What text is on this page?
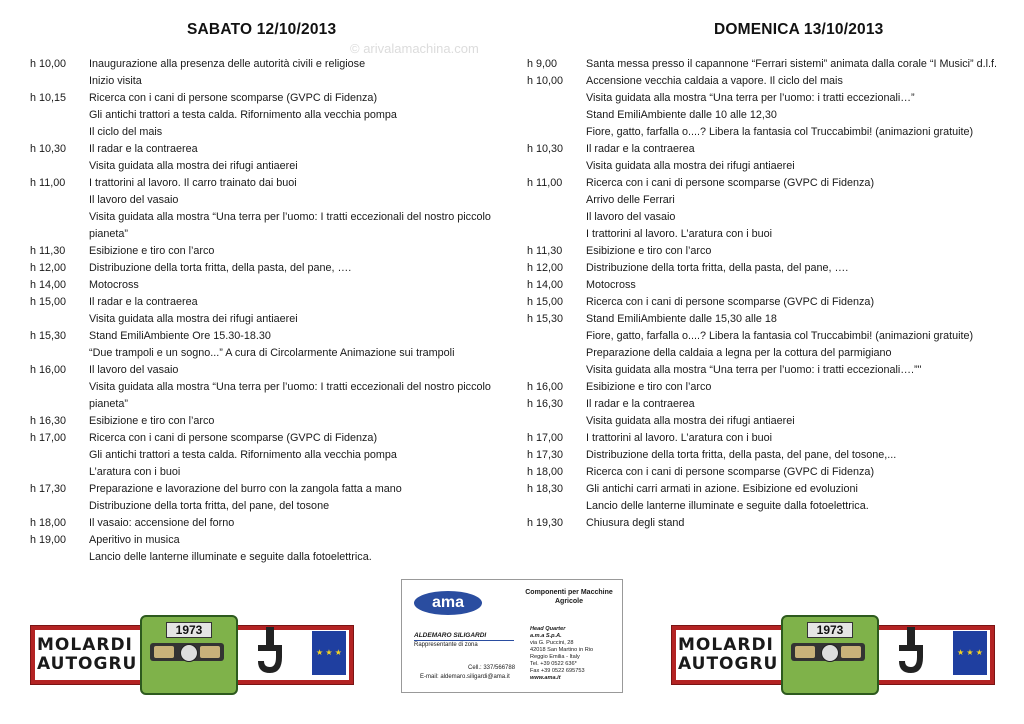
© arivalamachina.com
SABATO 12/10/2013
h 10,00	Inaugurazione alla presenza delle autorità civili e religiose
Inizio visita
h 10,15	Ricerca con i cani di persone scomparse (GVPC di Fidenza)
Gli antichi trattori a testa calda. Rifornimento alla vecchia pompa
Il ciclo del mais
h 10,30	Il radar e la contraerea
Visita guidata alla mostra dei rifugi antiaerei
h 11,00	I trattorini al lavoro. Il carro trainato dai buoi
Il lavoro del vasaio
Visita guidata alla mostra “Una terra per l’uomo: I tratti eccezionali del nostro piccolo pianeta”
h 11,30	Esibizione e tiro con l’arco
h 12,00	Distribuzione della torta fritta, della pasta, del pane, ….
h 14,00	Motocross
h 15,00	Il radar e la contraerea
Visita guidata alla mostra dei rifugi antiaerei
h 15,30	Stand EmiliAmbiente Ore 15.30-18.30
“Due trampoli e un sogno...” A cura di Circolarmente Animazione sui trampoli
h 16,00	Il lavoro del vasaio
Visita guidata alla mostra “Una terra per l’uomo: I tratti eccezionali del nostro piccolo pianeta”
h 16,30	Esibizione e tiro con l’arco
h 17,00	Ricerca con i cani di persone scomparse (GVPC di Fidenza)
Gli antichi trattori a testa calda. Rifornimento alla vecchia pompa
L’aratura con i buoi
h 17,30	Preparazione e lavorazione del burro con la zangola fatta a mano
Distribuzione della torta fritta, del pane, del tosone
h 18,00	Il vasaio: accensione del forno
h 19,00	Aperitivo in musica
Lancio delle lanterne illuminate e seguite dalla fotoelettrica.
DOMENICA 13/10/2013
h 9,00	Santa messa presso il capannone “Ferrari sistemi” animata dalla corale “I Musici” d.l.f.
h 10,00	Accensione vecchia caldaia a vapore. Il ciclo del mais
Visita guidata alla mostra “Una terra per l’uomo: i tratti eccezionali…”
Stand EmiliAmbiente dalle 10 alle 12,30
Fiore, gatto, farfalla o....? Libera la fantasia col Truccabimbi! (animazioni gratuite)
h 10,30	Il radar e la contraerea
Visita guidata alla mostra dei rifugi antiaerei
h 11,00	Ricerca con i cani di persone scomparse (GVPC di Fidenza)
Arrivo delle Ferrari
Il lavoro del vasaio
I trattorini al lavoro. L’aratura con i buoi
h 11,30	Esibizione e tiro con l’arco
h 12,00	Distribuzione della torta fritta, della pasta, del pane, ….
h 14,00	Motocross
h 15,00	Ricerca con i cani di persone scomparse (GVPC di Fidenza)
h 15,30	Stand EmiliAmbiente dalle 15,30 alle 18
Fiore, gatto, farfalla o....? Libera la fantasia col Truccabimbi! (animazioni gratuite)
Preparazione della caldaia a legna per la cottura del parmigiano
Visita guidata alla mostra “Una terra per l’uomo: i tratti eccezionali….”"
h 16,00	Esibizione e tiro con l’arco
h 16,30	Il radar e la contraerea
Visita guidata alla mostra dei rifugi antiaerei
h 17,00	I trattorini al lavoro. L’aratura con i buoi
h 17,30	Distribuzione della torta fritta, della pasta, del pane, del tosone,...
h 18,00	Ricerca con i cani di persone scomparse (GVPC di Fidenza)
h 18,30	Gli antichi carri armati in azione. Esibizione ed evoluzioni
Lancio delle lanterne illuminate e seguite dalla fotoelettrica.
h 19,30	Chiusura degli stand
MOLARDI
AUTOGRU
1973
★ ★ ★	MOLARDI
AUTOGRU
1973
★ ★ ★
ama
Componenti per Macchine Agricole
ALDEMARO SILIGARDI
Rappresentante di zona
Cell.: 337/566788
E-mail: aldemaro.siligardi@ama.it
Head Quarter
a.m.a S.p.A.
via G. Puccini, 28
42018 San Martino in Rio
Reggio Emilia - Italy
Tel. +39 0522 636*
Fax +39 0522 695753
www.ama.it
